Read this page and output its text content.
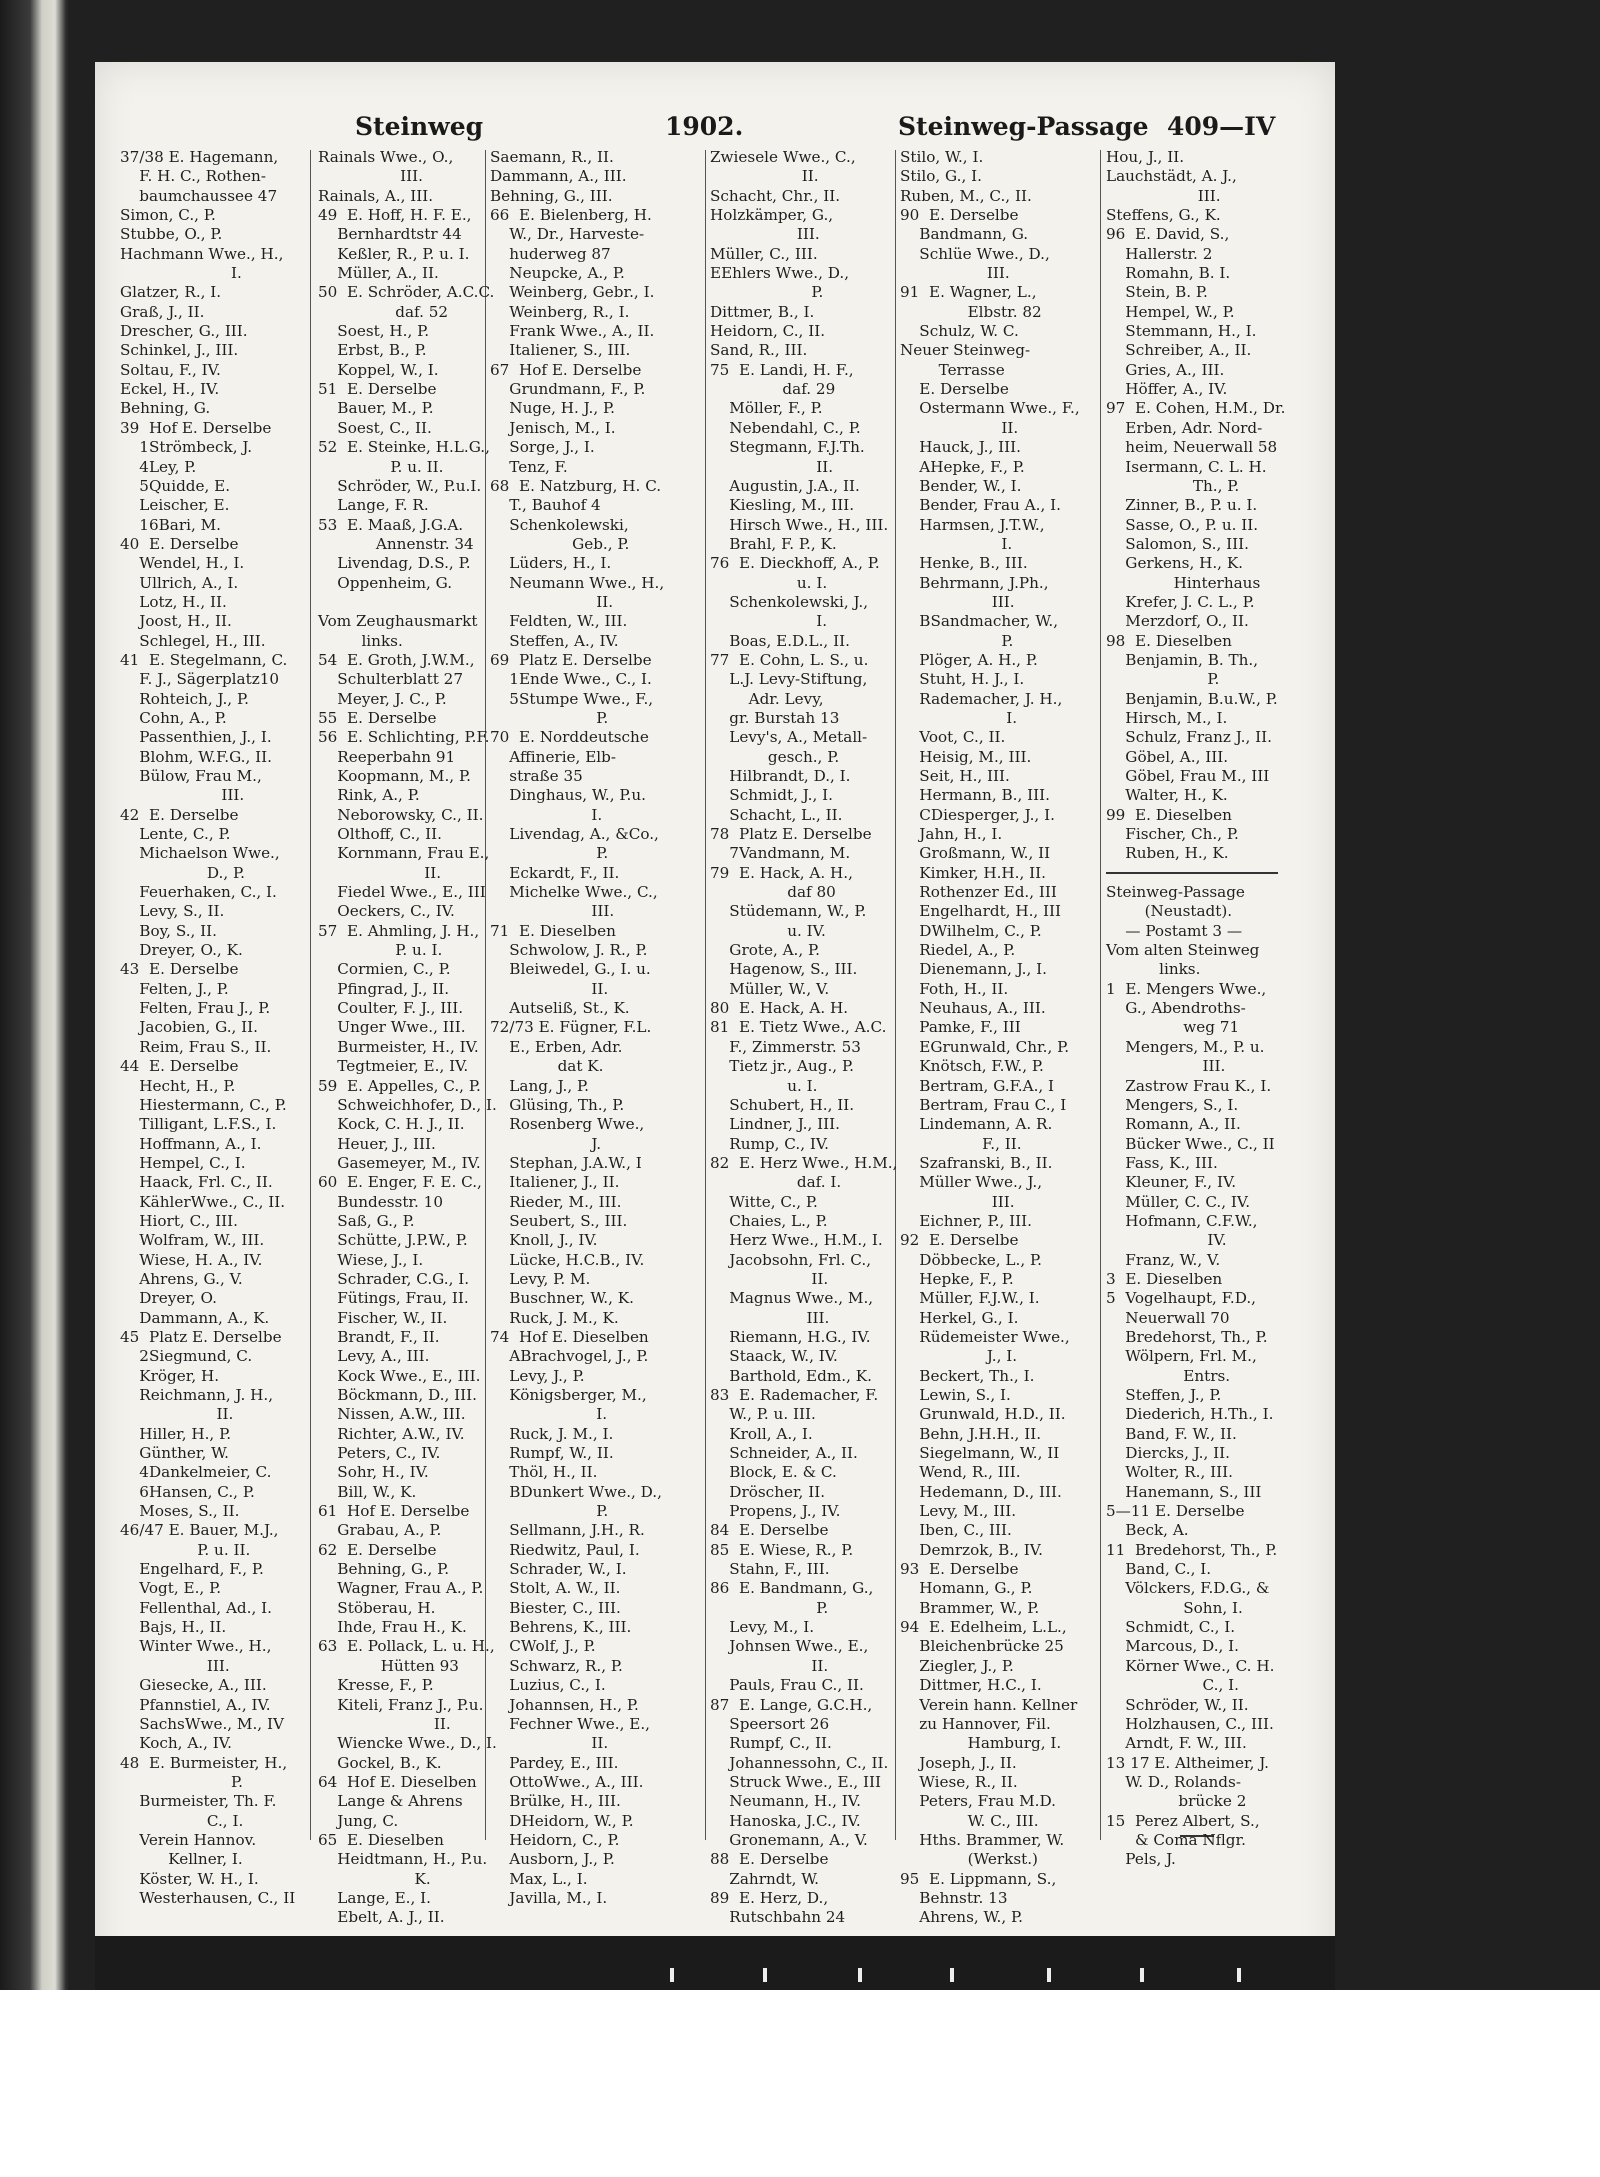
Steinweg	1902.	Steinweg-Passage 409—IV
37/38 E. Hagemann,
F. H. C., Rothen-
baumchaussee 47
Simon, C., P.
Stubbe, O., P.
Hachmann Wwe., H.,
I.
Glatzer, R., I.
Graß, J., II.
Drescher, G., III.
Schinkel, J., III.
Soltau, F., IV.
Eckel, H., IV.
Behning, G.
39  Hof E. Derselbe
1Strömbeck, J.
4Ley, P.
5Quidde, E.
Leischer, E.
16Bari, M.
40  E. Derselbe
Wendel, H., I.
Ullrich, A., I.
Lotz, H., II.
Joost, H., II.
Schlegel, H., III.
41  E. Stegelmann, C.
F. J., Sägerplatz10
Rohteich, J., P.
Cohn, A., P.
Passenthien, J., I.
Blohm, W.F.G., II.
Bülow, Frau M.,
III.
42  E. Derselbe
Lente, C., P.
Michaelson Wwe.,
D., P.
Feuerhaken, C., I.
Levy, S., II.
Boy, S., II.
Dreyer, O., K.
43  E. Derselbe
Felten, J., P.
Felten, Frau J., P.
Jacobien, G., II.
Reim, Frau S., II.
44  E. Derselbe
Hecht, H., P.
Hiestermann, C., P.
Tilligant, L.F.S., I.
Hoffmann, A., I.
Hempel, C., I.
Haack, Frl. C., II.
KählerWwe., C., II.
Hiort, C., III.
Wolfram, W., III.
Wiese, H. A., IV.
Ahrens, G., V.
Dreyer, O.
Dammann, A., K.
45  Platz E. Derselbe
2Siegmund, C.
Kröger, H.
Reichmann, J. H.,
II.
Hiller, H., P.
Günther, W.
4Dankelmeier, C.
6Hansen, C., P.
Moses, S., II.
46/47 E. Bauer, M.J.,
P. u. II.
Engelhard, F., P.
Vogt, E., P.
Fellenthal, Ad., I.
Bajs, H., II.
Winter Wwe., H.,
III.
Giesecke, A., III.
Pfannstiel, A., IV.
SachsWwe., M., IV
Koch, A., IV.
48  E. Burmeister, H.,
P.
Burmeister, Th. F.
C., I.
Verein Hannov.
Kellner, I.
Köster, W. H., I.
Westerhausen, C., II
Rainals Wwe., O.,
III.
Rainals, A., III.
49  E. Hoff, H. F. E.,
Bernhardtstr 44
Keßler, R., P. u. I.
Müller, A., II.
50  E. Schröder, A.C.C.
daf. 52
Soest, H., P.
Erbst, B., P.
Koppel, W., I.
51  E. Derselbe
Bauer, M., P.
Soest, C., II.
52  E. Steinke, H.L.G.,
P. u. II.
Schröder, W., P.u.I.
Lange, F. R.
53  E. Maaß, J.G.A.
Annenstr. 34
Livendag, D.S., P.
Oppenheim, G.
Vom Zeughausmarkt
links.
54  E. Groth, J.W.M.,
Schulterblatt 27
Meyer, J. C., P.
55  E. Derselbe
56  E. Schlichting, P.F.
Reeperbahn 91
Koopmann, M., P.
Rink, A., P.
Neborowsky, C., II.
Olthoff, C., II.
Kornmann, Frau E.,
II.
Fiedel Wwe., E., III
Oeckers, C., IV.
57  E. Ahmling, J. H.,
P. u. I.
Cormien, C., P.
Pfingrad, J., II.
Coulter, F. J., III.
Unger Wwe., III.
Burmeister, H., IV.
Tegtmeier, E., IV.
59  E. Appelles, C., P.
Schweichhofer, D., I.
Kock, C. H. J., II.
Heuer, J., III.
Gasemeyer, M., IV.
60  E. Enger, F. E. C.,
Bundesstr. 10
Saß, G., P.
Schütte, J.P.W., P.
Wiese, J., I.
Schrader, C.G., I.
Fütings, Frau, II.
Fischer, W., II.
Brandt, F., II.
Levy, A., III.
Kock Wwe., E., III.
Böckmann, D., III.
Nissen, A.W., III.
Richter, A.W., IV.
Peters, C., IV.
Sohr, H., IV.
Bill, W., K.
61  Hof E. Derselbe
Grabau, A., P.
62  E. Derselbe
Behning, G., P.
Wagner, Frau A., P.
Stöberau, H.
Ihde, Frau H., K.
63  E. Pollack, L. u. H.,
Hütten 93
Kresse, F., P.
Kiteli, Franz J., P.u.
II.
Wiencke Wwe., D., I.
Gockel, B., K.
64  Hof E. Dieselben
Lange & Ahrens
Jung, C.
65  E. Dieselben
Heidtmann, H., P.u.
K.
Lange, E., I.
Ebelt, A. J., II.
Saemann, R., II.
Dammann, A., III.
Behning, G., III.
66  E. Bielenberg, H.
W., Dr., Harveste-
huderweg 87
Neupcke, A., P.
Weinberg, Gebr., I.
Weinberg, R., I.
Frank Wwe., A., II.
Italiener, S., III.
67  Hof E. Derselbe
Grundmann, F., P.
Nuge, H. J., P.
Jenisch, M., I.
Sorge, J., I.
Tenz, F.
68  E. Natzburg, H. C.
T., Bauhof 4
Schenkolewski,
Geb., P.
Lüders, H., I.
Neumann Wwe., H.,
II.
Feldten, W., III.
Steffen, A., IV.
69  Platz E. Derselbe
1Ende Wwe., C., I.
5Stumpe Wwe., F.,
P.
70  E. Norddeutsche
Affinerie, Elb-
straße 35
Dinghaus, W., P.u.
I.
Livendag, A., &Co.,
P.
Eckardt, F., II.
Michelke Wwe., C.,
III.
71  E. Dieselben
Schwolow, J. R., P.
Bleiwedel, G., I. u.
II.
Autseliß, St., K.
72/73 E. Fügner, F.L.
E., Erben, Adr.
dat K.
Lang, J., P.
Glüsing, Th., P.
Rosenberg Wwe.,
J.
Stephan, J.A.W., I
Italiener, J., II.
Rieder, M., III.
Seubert, S., III.
Knoll, J., IV.
Lücke, H.C.B., IV.
Levy, P. M.
Buschner, W., K.
Ruck, J. M., K.
74  Hof E. Dieselben
ABrachvogel, J., P.
Levy, J., P.
Königsberger, M.,
I.
Ruck, J. M., I.
Rumpf, W., II.
Thöl, H., II.
BDunkert Wwe., D.,
P.
Sellmann, J.H., R.
Riedwitz, Paul, I.
Schrader, W., I.
Stolt, A. W., II.
Biester, C., III.
Behrens, K., III.
CWolf, J., P.
Schwarz, R., P.
Luzius, C., I.
Johannsen, H., P.
Fechner Wwe., E.,
II.
Pardey, E., III.
OttoWwe., A., III.
Brülke, H., III.
DHeidorn, W., P.
Heidorn, C., P.
Ausborn, J., P.
Max, L., I.
Javilla, M., I.
Zwiesele Wwe., C.,
II.
Schacht, Chr., II.
Holzkämper, G.,
III.
Müller, C., III.
EEhlers Wwe., D.,
P.
Dittmer, B., I.
Heidorn, C., II.
Sand, R., III.
75  E. Landi, H. F.,
daf. 29
Möller, F., P.
Nebendahl, C., P.
Stegmann, F.J.Th.
II.
Augustin, J.A., II.
Kiesling, M., III.
Hirsch Wwe., H., III.
Brahl, F. P., K.
76  E. Dieckhoff, A., P.
u. I.
Schenkolewski, J.,
I.
Boas, E.D.L., II.
77  E. Cohn, L. S., u.
L.J. Levy-Stiftung,
Adr. Levy,
gr. Burstah 13
Levy's, A., Metall-
gesch., P.
Hilbrandt, D., I.
Schmidt, J., I.
Schacht, L., II.
78  Platz E. Derselbe
7Vandmann, M.
79  E. Hack, A. H.,
daf 80
Stüdemann, W., P.
u. IV.
Grote, A., P.
Hagenow, S., III.
Müller, W., V.
80  E. Hack, A. H.
81  E. Tietz Wwe., A.C.
F., Zimmerstr. 53
Tietz jr., Aug., P.
u. I.
Schubert, H., II.
Lindner, J., III.
Rump, C., IV.
82  E. Herz Wwe., H.M.,
daf. I.
Witte, C., P.
Chaies, L., P.
Herz Wwe., H.M., I.
Jacobsohn, Frl. C.,
II.
Magnus Wwe., M.,
III.
Riemann, H.G., IV.
Staack, W., IV.
Barthold, Edm., K.
83  E. Rademacher, F.
W., P. u. III.
Kroll, A., I.
Schneider, A., II.
Block, E. & C.
Dröscher, II.
Propens, J., IV.
84  E. Derselbe
85  E. Wiese, R., P.
Stahn, F., III.
86  E. Bandmann, G.,
P.
Levy, M., I.
Johnsen Wwe., E.,
II.
Pauls, Frau C., II.
87  E. Lange, G.C.H.,
Speersort 26
Rumpf, C., II.
Johannessohn, C., II.
Struck Wwe., E., III
Neumann, H., IV.
Hanoska, J.C., IV.
Gronemann, A., V.
88  E. Derselbe
Zahrndt, W.
89  E. Herz, D.,
Rutschbahn 24
Stilo, W., I.
Stilo, G., I.
Ruben, M., C., II.
90  E. Derselbe
Bandmann, G.
Schlüe Wwe., D.,
III.
91  E. Wagner, L.,
Elbstr. 82
Schulz, W. C.
Neuer Steinweg-
Terrasse
E. Derselbe
Ostermann Wwe., F.,
II.
Hauck, J., III.
AHepke, F., P.
Bender, W., I.
Bender, Frau A., I.
Harmsen, J.T.W.,
I.
Henke, B., III.
Behrmann, J.Ph.,
III.
BSandmacher, W.,
P.
Plöger, A. H., P.
Stuht, H. J., I.
Rademacher, J. H.,
I.
Voot, C., II.
Heisig, M., III.
Seit, H., III.
Hermann, B., III.
CDiesperger, J., I.
Jahn, H., I.
Großmann, W., II
Kimker, H.H., II.
Rothenzer Ed., III
Engelhardt, H., III
DWilhelm, C., P.
Riedel, A., P.
Dienemann, J., I.
Foth, H., II.
Neuhaus, A., III.
Pamke, F., III
EGrunwald, Chr., P.
Knötsch, F.W., P.
Bertram, G.F.A., I
Bertram, Frau C., I
Lindemann, A. R.
F., II.
Szafranski, B., II.
Müller Wwe., J.,
III.
Eichner, P., III.
92  E. Derselbe
Döbbecke, L., P.
Hepke, F., P.
Müller, F.J.W., I.
Herkel, G., I.
Rüdemeister Wwe.,
J., I.
Beckert, Th., I.
Lewin, S., I.
Grunwald, H.D., II.
Behn, J.H.H., II.
Siegelmann, W., II
Wend, R., III.
Hedemann, D., III.
Levy, M., III.
Iben, C., III.
Demrzok, B., IV.
93  E. Derselbe
Homann, G., P.
Brammer, W., P.
94  E. Edelheim, L.L.,
Bleichenbrücke 25
Ziegler, J., P.
Dittmer, H.C., I.
Verein hann. Kellner
zu Hannover, Fil.
Hamburg, I.
Joseph, J., II.
Wiese, R., II.
Peters, Frau M.D.
W. C., III.
Hths. Brammer, W.
(Werkst.)
95  E. Lippmann, S.,
Behnstr. 13
Ahrens, W., P.
Hou, J., II.
Lauchstädt, A. J.,
III.
Steffens, G., K.
96  E. David, S.,
Hallerstr. 2
Romahn, B. I.
Stein, B. P.
Hempel, W., P.
Stemmann, H., I.
Schreiber, A., II.
Gries, A., III.
Höffer, A., IV.
97  E. Cohen, H.M., Dr.
Erben, Adr. Nord-
heim, Neuerwall 58
Isermann, C. L. H.
Th., P.
Zinner, B., P. u. I.
Sasse, O., P. u. II.
Salomon, S., III.
Gerkens, H., K.
Hinterhaus
Krefer, J. C. L., P.
Merzdorf, O., II.
98  E. Dieselben
Benjamin, B. Th.,
P.
Benjamin, B.u.W., P.
Hirsch, M., I.
Schulz, Franz J., II.
Göbel, A., III.
Göbel, Frau M., III
Walter, H., K.
99  E. Dieselben
Fischer, Ch., P.
Ruben, H., K.
Steinweg-Passage
(Neustadt).
— Postamt 3 —
Vom alten Steinweg
links.
1  E. Mengers Wwe.,
G., Abendroths-
weg 71
Mengers, M., P. u.
III.
Zastrow Frau K., I.
Mengers, S., I.
Romann, A., II.
Bücker Wwe., C., II
Fass, K., III.
Kleuner, F., IV.
Müller, C. C., IV.
Hofmann, C.F.W.,
IV.
Franz, W., V.
3  E. Dieselben
5  Vogelhaupt, F.D.,
Neuerwall 70
Bredehorst, Th., P.
Wölpern, Frl. M.,
Entrs.
Steffen, J., P.
Diederich, H.Th., I.
Band, F. W., II.
Diercks, J., II.
Wolter, R., III.
Hanemann, S., III
5—11 E. Derselbe
Beck, A.
11  Bredehorst, Th., P.
Band, C., I.
Völckers, F.D.G., &
Sohn, I.
Schmidt, C., I.
Marcous, D., I.
Körner Wwe., C. H.
C., I.
Schröder, W., II.
Holzhausen, C., III.
Arndt, F. W., III.
13 17 E. Altheimer, J.
W. D., Rolands-
brücke 2
15  Perez Albert, S.,
& Coma Nflgr.
Pels, J.
